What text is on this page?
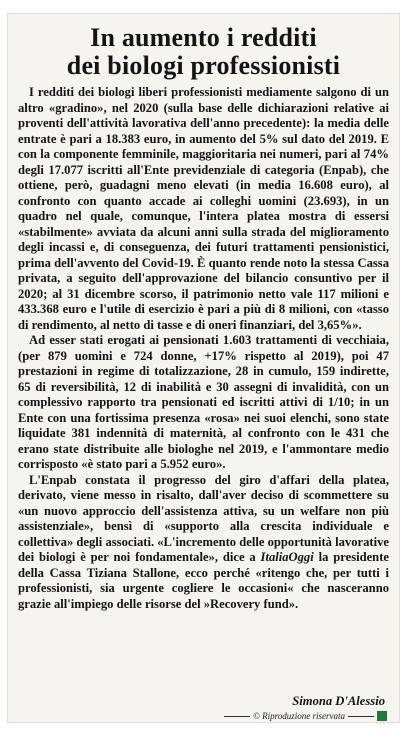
In aumento i redditi
dei biologi professionisti

I redditi dei biologi liberi professionisti mediamente salgono di un altro «gradino», nel 2020 (sulla base delle dichiarazioni relative ai proventi dell'attività lavorativa dell'anno precedente): la media delle entrate è pari a 18.383 euro, in aumento del 5% sul dato del 2019. E con la componente femminile, maggioritaria nei numeri, pari al 74% degli 17.077 iscritti all'Ente previdenziale di categoria (Enpab), che ottiene, però, guadagni meno elevati (in media 16.608 euro), al confronto con quanto accade ai colleghi uomini (23.693), in un quadro nel quale, comunque, l'intera platea mostra di essersi «stabilmente» avviata da alcuni anni sulla strada del miglioramento degli incassi e, di conseguenza, dei futuri trattamenti pensionistici, prima dell'avvento del Covid-19. È quanto rende noto la stessa Cassa privata, a seguito dell'approvazione del bilancio consuntivo per il 2020; al 31 dicembre scorso, il patrimonio netto vale 117 milioni e 433.368 euro e l'utile di esercizio è pari a più di 8 milioni, con «tasso di rendimento, al netto di tasse e di oneri finanziari, del 3,65%».

Ad esser stati erogati ai pensionati 1.603 trattamenti di vecchiaia, (per 879 uomini e 724 donne, +17% rispetto al 2019), poi 47 prestazioni in regime di totalizzazione, 28 in cumulo, 159 indirette, 65 di reversibilità, 12 di inabilità e 30 assegni di invalidità, con un complessivo rapporto tra pensionati ed iscritti attivi di 1/10; in un Ente con una fortissima presenza «rosa» nei suoi elenchi, sono state liquidate 381 indennità di maternità, al confronto con le 431 che erano state distribuite alle biologhe nel 2019, e l'ammontare medio corrisposto «è stato pari a 5.952 euro».

L'Enpab constata il progresso del giro d'affari della platea, derivato, viene messo in risalto, dall'aver deciso di scommettere su «un nuovo approccio dell'assistenza attiva, su un welfare non più assistenziale», bensì di «supporto alla crescita individuale e collettiva» degli associati. «L'incremento delle opportunità lavorative dei biologi è per noi fondamentale», dice a ItaliaOggi la presidente della Cassa Tiziana Stallone, ecco perché «ritengo che, per tutti i professionisti, sia urgente cogliere le occasioni« che nasceranno grazie all'impiego delle risorse del »Recovery fund».

Simona D'Alessio
© Riproduzione riservata
